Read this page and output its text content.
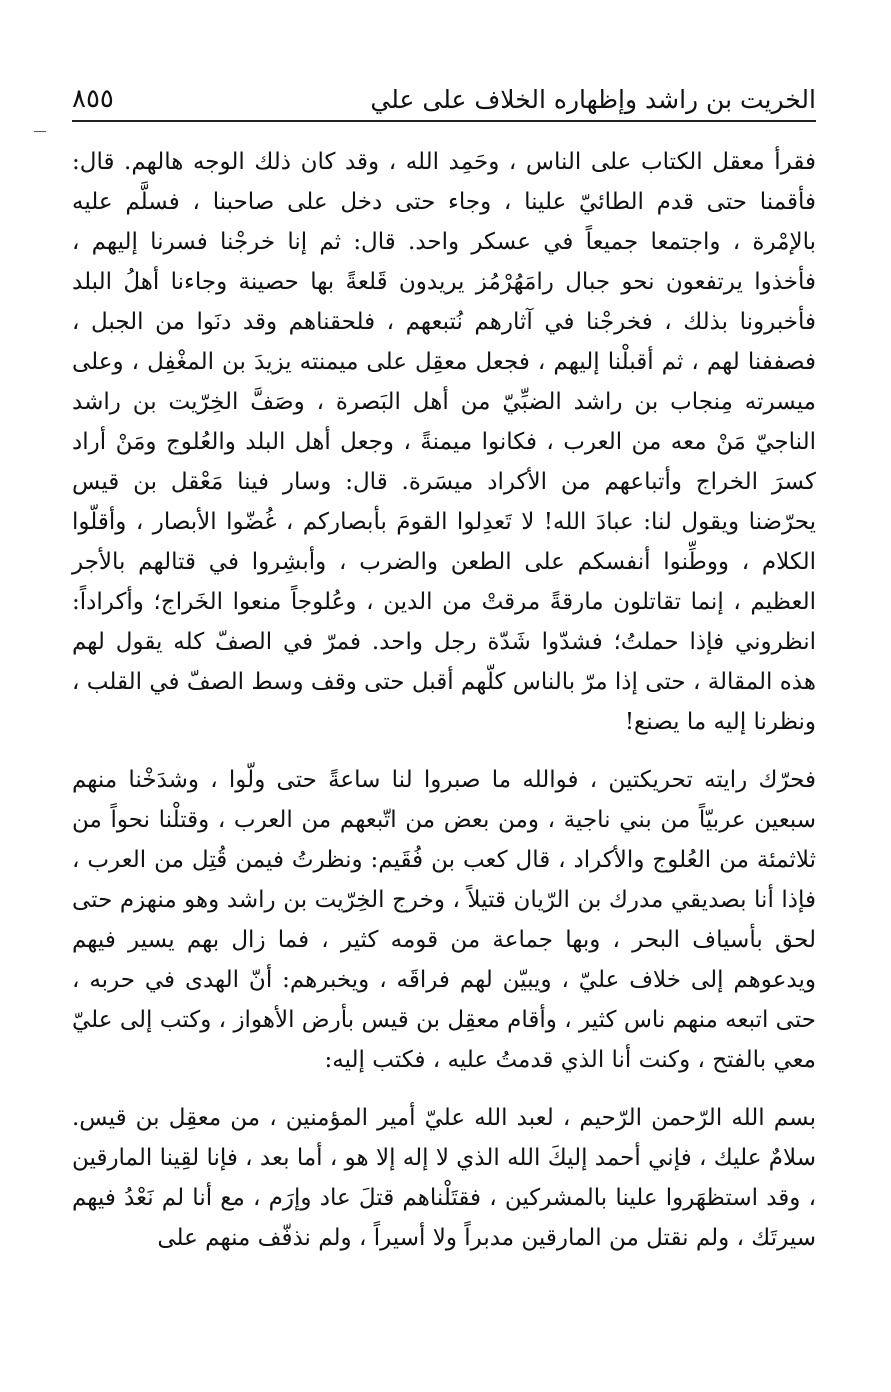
٨٥٥	الخريت بن راشد وإظهاره الخلاف على علي

فقرأ معقل الكتاب على الناس ، وحَمِد الله ، وقد كان ذلك الوجه هالهم. قال: فأقمنا حتى قدم الطائيّ علينا ، وجاء حتى دخل على صاحبنا ، فسلَّم عليه بالإمْرة ، واجتمعا جميعاً في عسكر واحد. قال: ثم إنا خرجْنا فسرنا إليهم ، فأخذوا يرتفعون نحو جبال رامَهُرْمُز يريدون قَلعةً بها حصينة وجاءنا أهلُ البلد فأخبرونا بذلك ، فخرجْنا في آثارهم نُتبعهم ، فلحقناهم وقد دنَوا من الجبل ، فصففنا لهم ، ثم أقبلْنا إليهم ، فجعل معقِل على ميمنته يزيدَ بن المغْفِل ، وعلى ميسرته مِنجاب بن راشد الضبِّيّ من أهل البَصرة ، وصَفَّ الخِرّيت بن راشد الناجيّ مَنْ معه من العرب ، فكانوا ميمنةً ، وجعل أهل البلد والعُلوج ومَنْ أراد كسرَ الخراج وأتباعهم من الأكراد ميسَرة. قال: وسار فينا مَعْقل بن قيس يحرّضنا ويقول لنا: عبادَ الله! لا تَعدِلوا القومَ بأبصاركم ، غُضّوا الأبصار ، وأقلّوا الكلام ، ووطِّنوا أنفسكم على الطعن والضرب ، وأبشِروا في قتالهم بالأجر العظيم ، إنما تقاتلون مارقةً مرقتْ من الدين ، وعُلوجاً منعوا الخَراج؛ وأكراداً: انظروني فإذا حملتُ؛ فشدّوا شَدّة رجل واحد. فمرّ في الصفّ كله يقول لهم هذه المقالة ، حتى إذا مرّ بالناس كلّهم أقبل حتى وقف وسط الصفّ في القلب ، ونظرنا إليه ما يصنع!

فحرّك رايته تحريكتين ، فوالله ما صبروا لنا ساعةً حتى ولّوا ، وشدَخْنا منهم سبعين عربيّاً من بني ناجية ، ومن بعض من اتّبعهم من العرب ، وقتلْنا نحواً من ثلاثمئة من العُلوج والأكراد ، قال كعب بن فُقَيم: ونظرتُ فيمن قُتِل من العرب ، فإذا أنا بصديقي مدرك بن الرّيان قتيلاً ، وخرج الخِرّيت بن راشد وهو منهزم حتى لحق بأسياف البحر ، وبها جماعة من قومه كثير ، فما زال بهم يسير فيهم ويدعوهم إلى خلاف عليّ ، ويبيّن لهم فراقَه ، ويخبرهم: أنّ الهدى في حربه ، حتى اتبعه منهم ناس كثير ، وأقام معقِل بن قيس بأرض الأهواز ، وكتب إلى عليّ معي بالفتح ، وكنت أنا الذي قدمتُ عليه ، فكتب إليه:

بسم الله الرّحمن الرّحيم ، لعبد الله عليّ أمير المؤمنين ، من معقِل بن قيس. سلامٌ عليك ، فإني أحمد إليكَ الله الذي لا إله إلا هو ، أما بعد ، فإنا لقِينا المارقين ، وقد استظهَروا علينا بالمشركين ، فقتَلْناهم قتلَ عاد وإرَم ، مع أنا لم نَعْدُ فيهم سيرتَك ، ولم نقتل من المارقين مدبراً ولا أسيراً ، ولم نذفّف منهم على
